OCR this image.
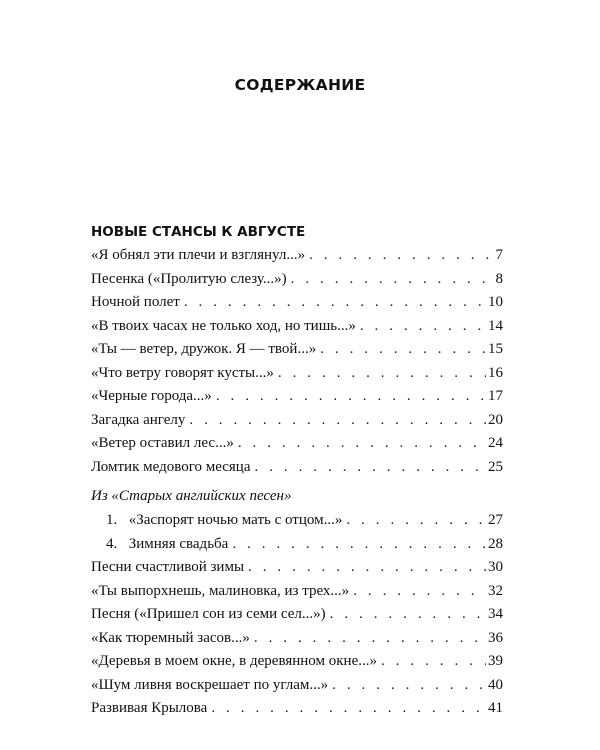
СОДЕРЖАНИЕ
НОВЫЕ СТАНСЫ К АВГУСТЕ
«Я обнял эти плечи и взглянул...» . . .	7
Песенка («Пролитую слезу...») . . .	8
Ночной полет . . .	10
«В твоих часах не только ход, но тишь...» . . .	14
«Ты — ветер, дружок. Я — твой...» . . .	15
«Что ветру говорят кусты...» . . .	16
«Черные города...» . . .	17
Загадка ангелу . . .	20
«Ветер оставил лес...» . . .	24
Ломтик медового месяца . . .	25
Из «Старых английских песен»
1. «Заспорят ночью мать с отцом...» . . .	27
4. Зимняя свадьба . . .	28
Песни счастливой зимы . . .	30
«Ты выпорхнешь, малиновка, из трех...» . . .	32
Песня («Пришел сон из семи сел...») . . .	34
«Как тюремный засов...» . . .	36
«Деревья в моем окне, в деревянном окне...» . . .	39
«Шум ливня воскрешает по углам...» . . .	40
Развивая Крылова . . .	41
